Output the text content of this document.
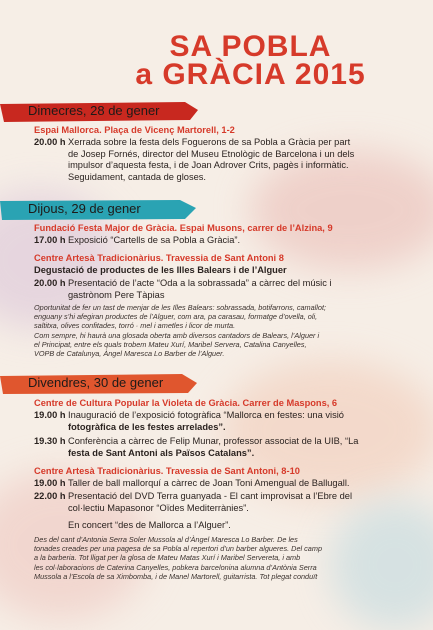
SA POBLA
a GRÀCIA 2015
Dimecres, 28 de gener
Espai Mallorca. Plaça de Vicenç Martorell, 1-2
20.00 h Xerrada sobre la festa dels Foguerons de sa Pobla a Gràcia per part
de Josep Fornés, director del Museu Etnològic de Barcelona i un dels
impulsor d’aquesta festa, i de Joan Adrover Crits, pagès i informàtic.
Seguidament, cantada de gloses.
Dijous, 29 de gener
Fundació Festa Major de Gràcia. Espai Musons, carrer de l’Alzina, 9
17.00 h Exposició “Cartells de sa Pobla a Gràcia”.
Centre Artesà Tradicionàrius. Travessia de Sant Antoni 8
Degustació de productes de les Illes Balears i de l’Alguer
20.00 h Presentació de l’acte “Oda a la sobrassada” a càrrec del músic i
gastrònom Pere Tàpias
Oportunitat de fer un tast de menjar de les Illes Balears: sobrassada, botifarrons, camallot;
enguany s’hi afegiran productes de l’Alguer, com ara, pa carasau, formatge d’ovella, oli,
saltitxa, olives confitades, torró · mel i ametles i licor de murta.
Com sempre, hi haurà una glosada oberta amb diversos cantadors de Balears, l’Alguer i
el Principat, entre els quals trobem Mateu Xurí, Maribel Servera, Catalina Canyelles,
VOPB de Catalunya, Àngel Maresca Lo Barber de l’Alguer.
Divendres, 30 de gener
Centre de Cultura Popular la Violeta de Gràcia. Carrer de Maspons, 6
19.00 h Inauguració de l’exposició fotogràfica “Mallorca en festes: una visió
fotogràfica de les festes arrelades”.
19.30 h Conferència a càrrec de Felip Munar, professor associat de la UIB, “La
festa de Sant Antoni als Països Catalans”.
Centre Artesà Tradicionàrius. Travessia de Sant Antoni, 8-10
19.00 h Taller de ball mallorquí a càrrec de Joan Toni Amengual de Ballugall.
22.00 h Presentació del DVD Terra guanyada - El cant improvisat a l’Ebre del
col·lectiu Mapasonor “Oïdes Mediterrànies”.
En concert “des de Mallorca a l’Alguer”.
Des del cant d’Antonia Serra Soler Mussola al d’Àngel Maresca Lo Barber. De les
tonades creades per una pagesa de sa Pobla al repertori d’un barber algueres. Del camp
a la barberia. Tot lligat per la glosa de Mateu Matas Xurí i Maribel Servereta, i amb
les col·laboracions de Caterina Canyelles, pobkera barcelonina alumna d’Antònia Serra
Mussola a l’Escola de sa Ximbomba, i de Manel Martorell, guitarrista. Tot plegat conduït
